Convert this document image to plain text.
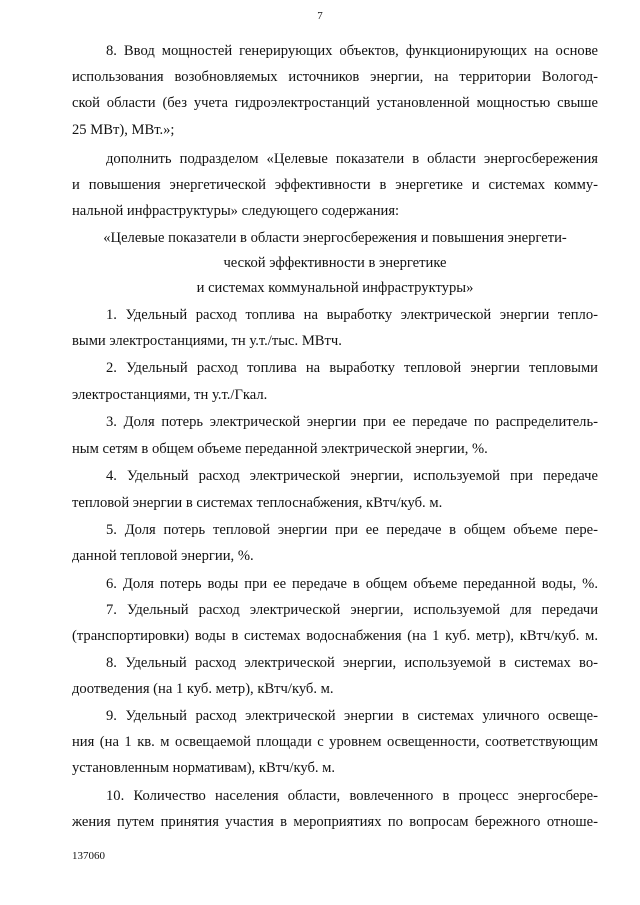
7
8. Ввод мощностей генерирующих объектов, функционирующих на основе
использования возобновляемых источников энергии, на территории Вологод-
ской области (без учета гидроэлектростанций установленной мощностью свыше
25 МВт), МВт.»;
дополнить подразделом «Целевые показатели в области энергосбережения
и повышения энергетической эффективности в энергетике и системах комму-
нальной инфраструктуры» следующего содержания:
«Целевые показатели в области энергосбережения и повышения энергети-
ческой эффективности в энергетике
и системах коммунальной инфраструктуры»
1. Удельный расход топлива на выработку электрической энергии тепло-
выми электростанциями, тн у.т./тыс. МВтч.
2. Удельный расход топлива на выработку тепловой энергии тепловыми
электростанциями, тн у.т./Гкал.
3. Доля потерь электрической энергии при ее передаче по распределитель-
ным сетям в общем объеме переданной электрической энергии, %.
4. Удельный расход электрической энергии, используемой при передаче
тепловой энергии в системах теплоснабжения, кВтч/куб. м.
5. Доля потерь тепловой энергии при ее передаче в общем объеме пере-
данной тепловой энергии, %.
6. Доля потерь воды при ее передаче в общем объеме переданной воды, %.
7. Удельный расход электрической энергии, используемой для передачи
(транспортировки) воды в системах водоснабжения (на 1 куб. метр), кВтч/куб. м.
8. Удельный расход электрической энергии, используемой в системах во-
доотведения (на 1 куб. метр), кВтч/куб. м.
9. Удельный расход электрической энергии в системах уличного освеще-
ния (на 1 кв. м освещаемой площади с уровнем освещенности, соответствующим
установленным нормативам), кВтч/куб. м.
10. Количество населения области, вовлеченного в процесс энергосбере-
жения путем принятия участия в мероприятиях по вопросам бережного отноше-
137060
